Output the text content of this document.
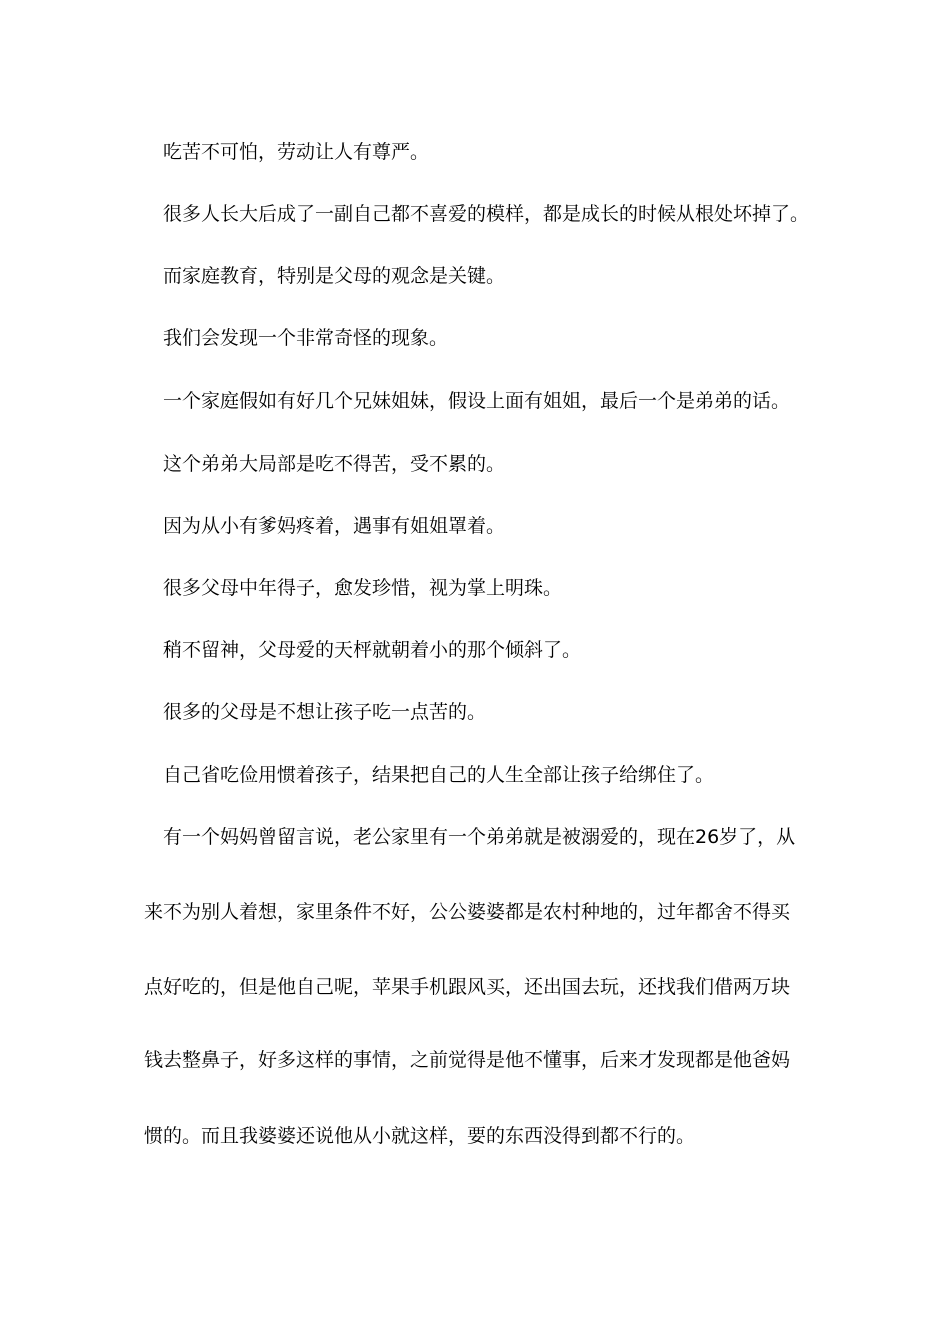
吃苦不可怕，劳动让人有尊严。
很多人长大后成了一副自己都不喜爱的模样，都是成长的时候从根处坏掉了。
而家庭教育，特别是父母的观念是关键。
我们会发现一个非常奇怪的现象。
一个家庭假如有好几个兄妹姐妹，假设上面有姐姐，最后一个是弟弟的话。
这个弟弟大局部是吃不得苦，受不累的。
因为从小有爹妈疼着，遇事有姐姐罩着。
很多父母中年得子，愈发珍惜，视为掌上明珠。
稍不留神，父母爱的天枰就朝着小的那个倾斜了。
很多的父母是不想让孩子吃一点苦的。
自己省吃俭用惯着孩子，结果把自己的人生全部让孩子给绑住了。
有一个妈妈曾留言说，老公家里有一个弟弟就是被溺爱的，现在26岁了，从
来不为别人着想，家里条件不好，公公婆婆都是农村种地的，过年都舍不得买
点好吃的，但是他自己呢，苹果手机跟风买，还出国去玩，还找我们借两万块
钱去整鼻子，好多这样的事情，之前觉得是他不懂事，后来才发现都是他爸妈
惯的。而且我婆婆还说他从小就这样，要的东西没得到都不行的。
